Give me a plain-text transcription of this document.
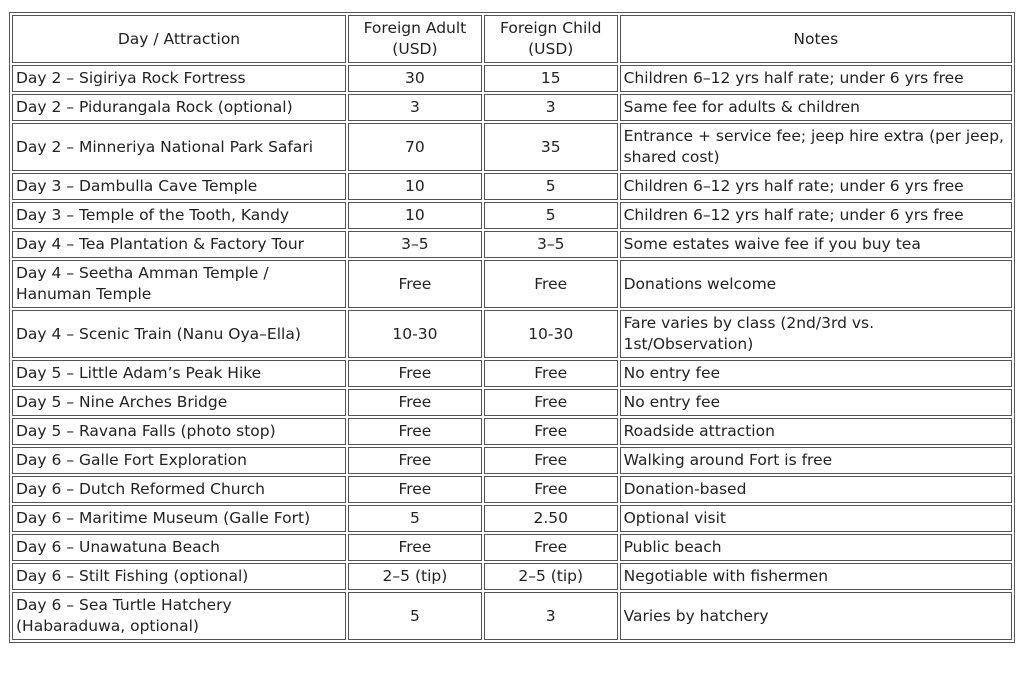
Day / Attraction	Foreign Adult (USD)	Foreign Child (USD)	Notes
Day 2 – Sigiriya Rock Fortress	30	15	Children 6–12 yrs half rate; under 6 yrs free
Day 2 – Pidurangala Rock (optional)	3	3	Same fee for adults & children
Day 2 – Minneriya National Park Safari	70	35	Entrance + service fee; jeep hire extra (per jeep, shared cost)
Day 3 – Dambulla Cave Temple	10	5	Children 6–12 yrs half rate; under 6 yrs free
Day 3 – Temple of the Tooth, Kandy	10	5	Children 6–12 yrs half rate; under 6 yrs free
Day 4 – Tea Plantation & Factory Tour	3–5	3–5	Some estates waive fee if you buy tea
Day 4 – Seetha Amman Temple / Hanuman Temple	Free	Free	Donations welcome
Day 4 – Scenic Train (Nanu Oya–Ella)	10-30	10-30	Fare varies by class (2nd/3rd vs. 1st/Observation)
Day 5 – Little Adam’s Peak Hike	Free	Free	No entry fee
Day 5 – Nine Arches Bridge	Free	Free	No entry fee
Day 5 – Ravana Falls (photo stop)	Free	Free	Roadside attraction
Day 6 – Galle Fort Exploration	Free	Free	Walking around Fort is free
Day 6 – Dutch Reformed Church	Free	Free	Donation-based
Day 6 – Maritime Museum (Galle Fort)	5	2.50	Optional visit
Day 6 – Unawatuna Beach	Free	Free	Public beach
Day 6 – Stilt Fishing (optional)	2–5 (tip)	2–5 (tip)	Negotiable with fishermen
Day 6 – Sea Turtle Hatchery (Habaraduwa, optional)	5	3	Varies by hatchery
